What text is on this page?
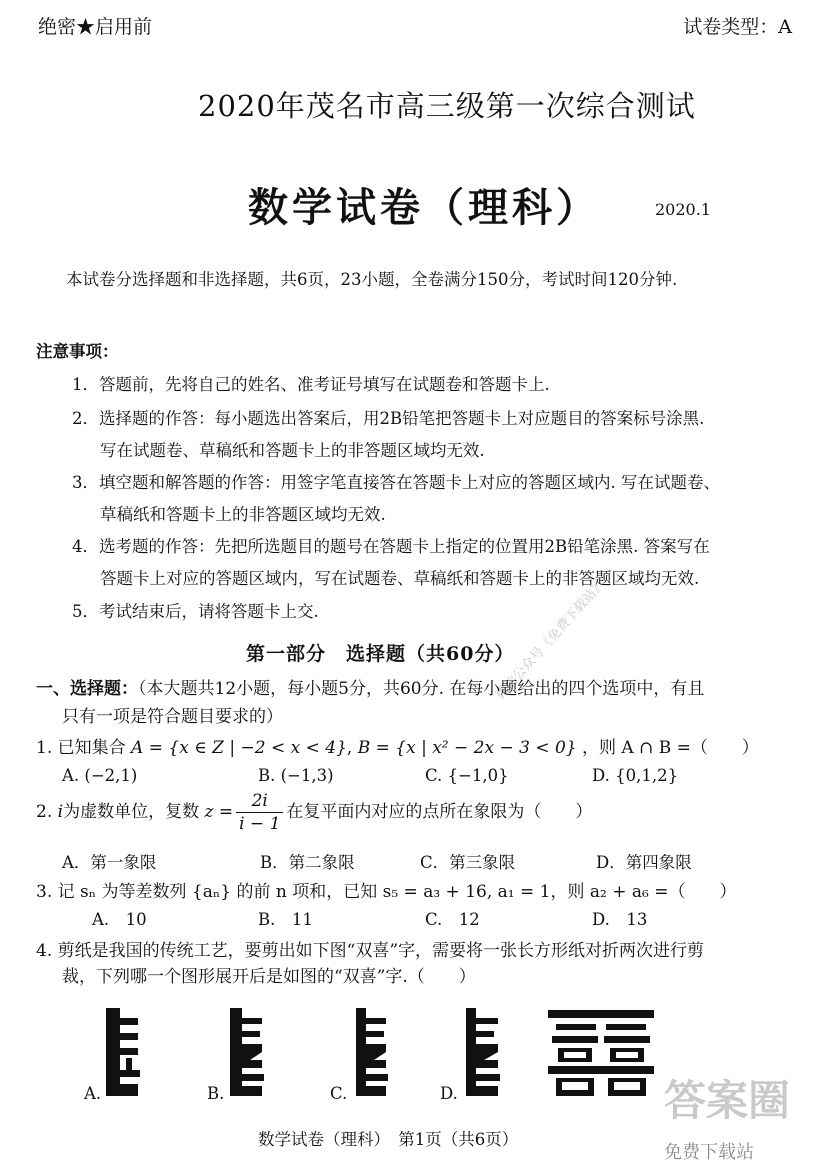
绝密★启用前	试卷类型：A
2020年茂名市高三级第一次综合测试
数学试卷（理科）	2020.1
本试卷分选择题和非选择题，共6页，23小题，全卷满分150分，考试时间120分钟.
注意事项：
1．答题前，先将自己的姓名、准考证号填写在试题卷和答题卡上.
2．选择题的作答：每小题选出答案后，用2B铅笔把答题卡上对应题目的答案标号涂黑.
写在试题卷、草稿纸和答题卡上的非答题区域均无效.
3．填空题和解答题的作答：用签字笔直接答在答题卡上对应的答题区域内. 写在试题卷、
草稿纸和答题卡上的非答题区域均无效.
4．选考题的作答：先把所选题目的题号在答题卡上指定的位置用2B铅笔涂黑. 答案写在
答题卡上对应的答题区域内，写在试题卷、草稿纸和答题卡上的非答题区域均无效.
5．考试结束后，请将答题卡上交.	微信公众号《免费下载站》
第一部分　选择题（共60分）
一、选择题：（本大题共12小题，每小题5分，共60分. 在每小题给出的四个选项中，有且
只有一项是符合题目要求的）
1. 已知集合 A = {x ∈ Z | −2 < x < 4}, B = {x | x² − 2x − 3 < 0} ，则 A ∩ B =（　　）
A. (−2,1)	B. (−1,3)	C. {−1,0}	D. {0,1,2}
2. i为虚数单位，复数 $z = \frac{2i}{i - 1}$ 在复平面内对应的点所在象限为（　　）
A．第一象限	B．第二象限	C．第三象限	D．第四象限
3. 记 sₙ 为等差数列 {aₙ} 的前 n 项和，已知 s₅ = a₃ + 16, a₁ = 1，则 a₂ + a₆ =（　　）
A.　10	B.　11	C.　12	D.　13
4. 剪纸是我国的传统工艺，要剪出如下图“双喜”字，需要将一张长方形纸对折两次进行剪
裁，下列哪一个图形展开后是如图的“双喜”字.（　　）
A.	B.	C.	D.	答案圈
数学试卷（理科）　第1页（共6页）
免费下载站
